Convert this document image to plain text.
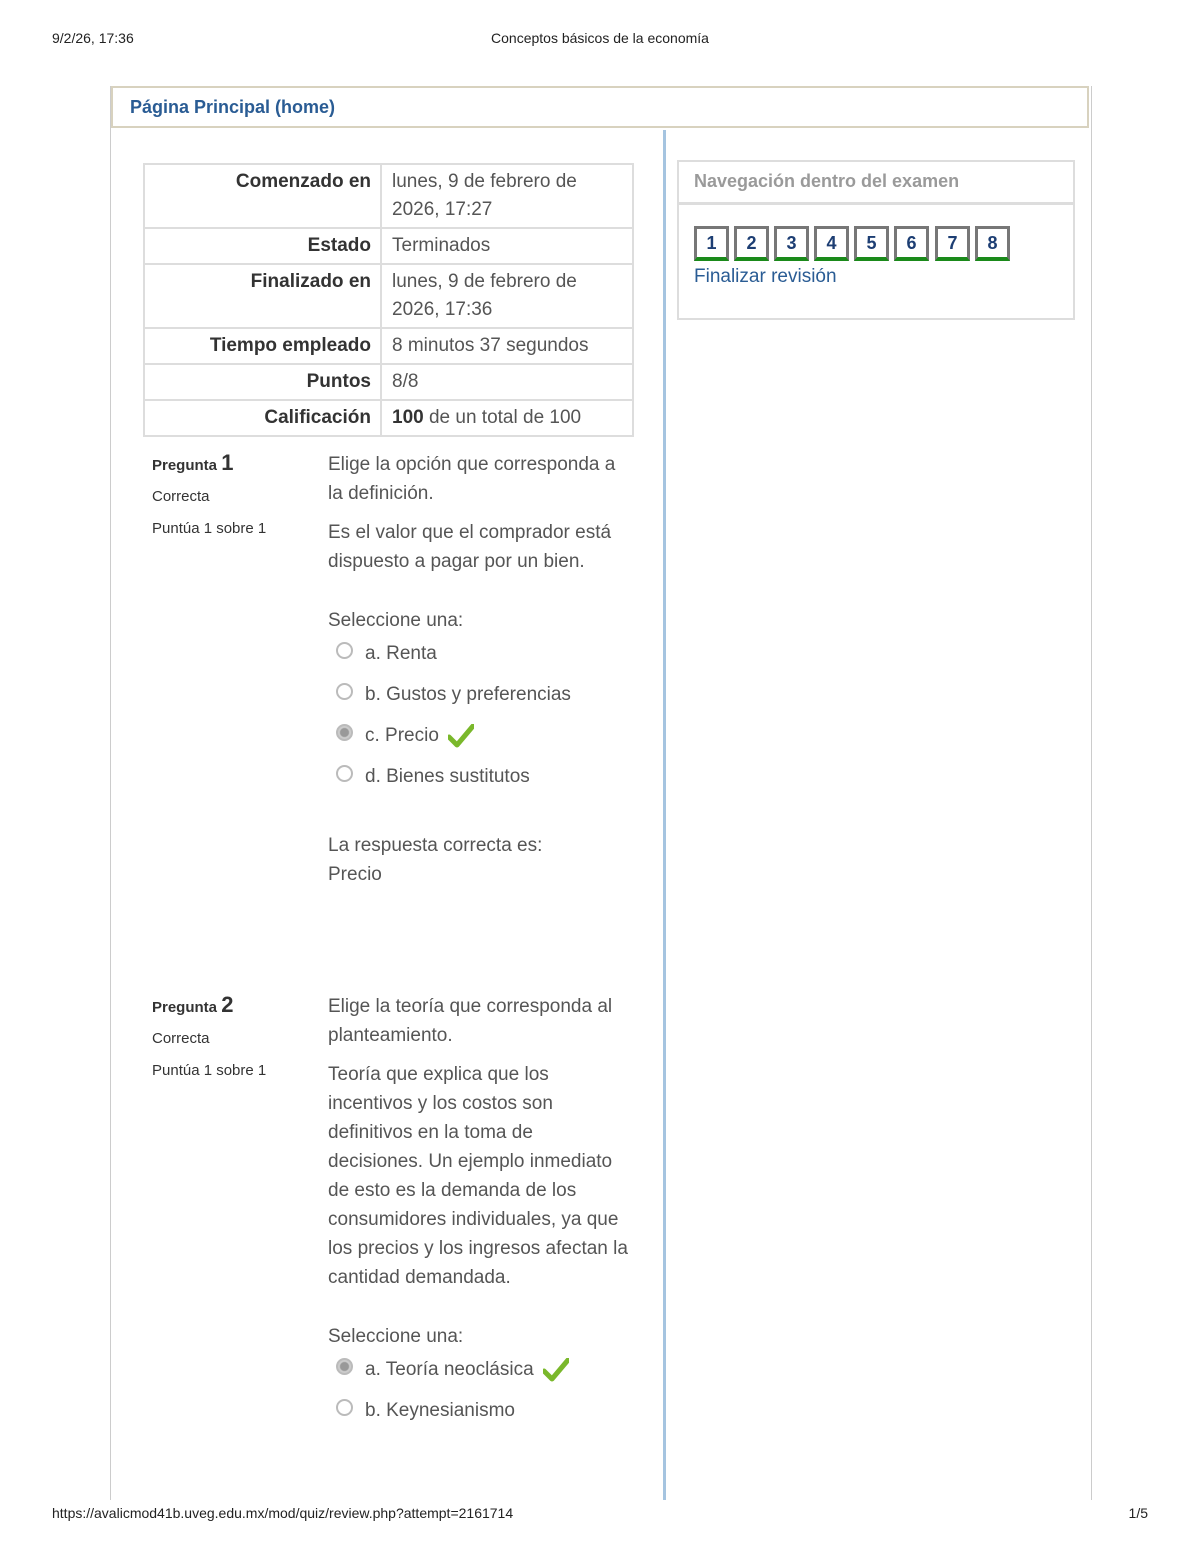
9/2/26, 17:36	Conceptos básicos de la economía
Página Principal (home)
Comenzado en	lunes, 9 de febrero de 2026, 17:27
Estado	Terminados
Finalizado en	lunes, 9 de febrero de 2026, 17:36
Tiempo empleado	8 minutos 37 segundos
Puntos	8/8
Calificación	100 de un total de 100
Pregunta 1
Correcta
Puntúa 1 sobre 1

Elige la opción que corresponda a la definición.

Es el valor que el comprador está dispuesto a pagar por un bien.

Seleccione una:

a. Renta
b. Gustos y preferencias
c. Precio
d. Bienes sustitutos
La respuesta correcta es:
Precio
Pregunta 2
Correcta
Puntúa 1 sobre 1

Elige la teoría que corresponda al planteamiento.

Teoría que explica que los incentivos y los costos son definitivos en la toma de decisiones. Un ejemplo inmediato de esto es la demanda de los consumidores individuales, ya que los precios y los ingresos afectan la cantidad demandada.

Seleccione una:

a. Teoría neoclásica
b. Keynesianismo
Navegación dentro del examen
1	2	3	4	5	6	7	8
Finalizar revisión
https://avalicmod41b.uveg.edu.mx/mod/quiz/review.php?attempt=2161714	1/5
